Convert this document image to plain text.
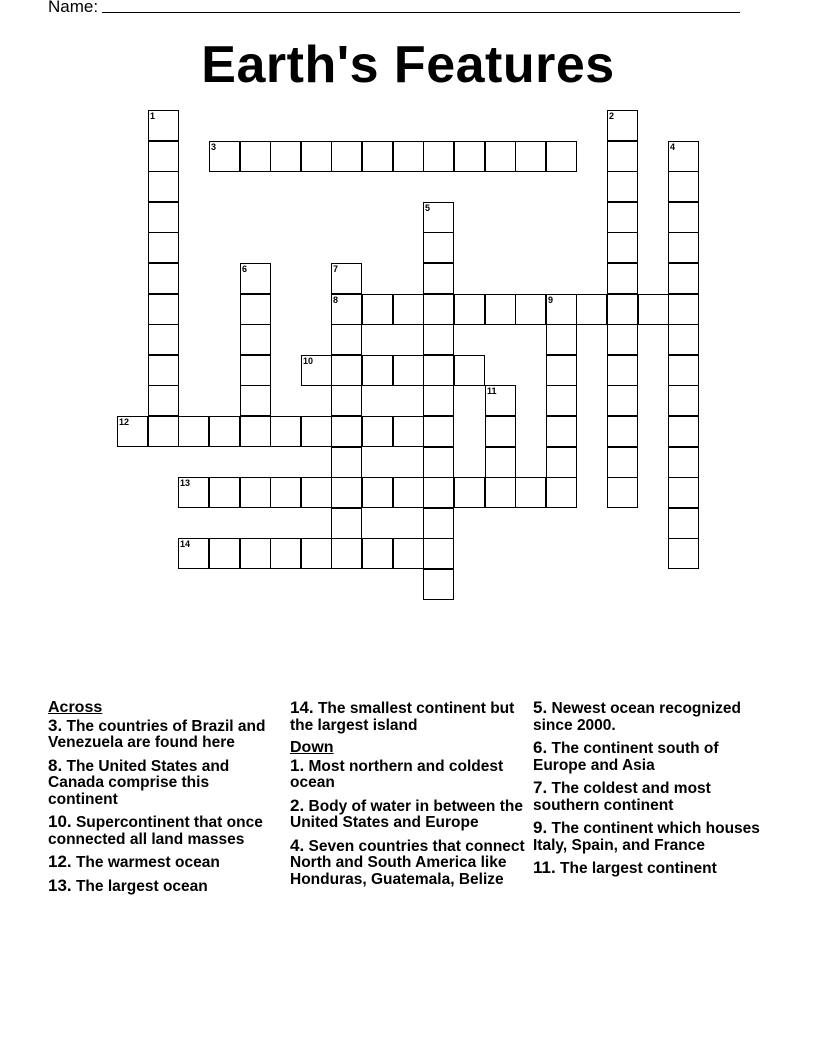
Name:
Earth's Features
1	2
3	4
5
6	7
8	9
10
11
12
13
14
Across
3. The countries of Brazil and Venezuela are found here
8. The United States and Canada comprise this continent
10. Supercontinent that once connected all land masses
12. The warmest ocean
13. The largest ocean
14. The smallest continent but the largest island
Down
1. Most northern and coldest ocean
2. Body of water in between the United States and Europe
4. Seven countries that connect North and South America like Honduras, Guatemala, Belize
5. Newest ocean recognized since 2000.
6. The continent south of Europe and Asia
7. The coldest and most southern continent
9. The continent which houses Italy, Spain, and France
11. The largest continent
